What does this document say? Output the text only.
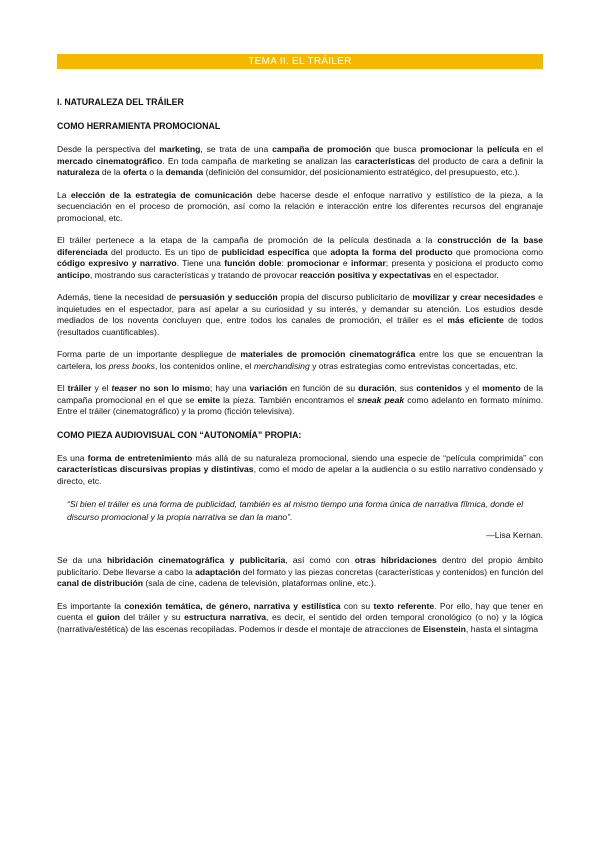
TEMA II. EL TRÁILER
I. NATURALEZA DEL TRÁILER
COMO HERRAMIENTA PROMOCIONAL
Desde la perspectiva del marketing, se trata de una campaña de promoción que busca promocionar la película en el mercado cinematográfico. En toda campaña de marketing se analizan las características del producto de cara a definir la naturaleza de la oferta o la demanda (definición del consumidor, del posicionamiento estratégico, del presupuesto, etc.).
La elección de la estrategia de comunicación debe hacerse desde el enfoque narrativo y estilístico de la pieza, a la secuenciación en el proceso de promoción, así como la relación e interacción entre los diferentes recursos del engranaje promocional, etc.
El tráiler pertenece a la etapa de la campaña de promoción de la película destinada a la construcción de la base diferenciada del producto. Es un tipo de publicidad específica que adopta la forma del producto que promociona como código expresivo y narrativo. Tiene una función doble: promocionar e informar; presenta y posiciona el producto como anticipo, mostrando sus características y tratando de provocar reacción positiva y expectativas en el espectador.
Además, tiene la necesidad de persuasión y seducción propia del discurso publicitario de movilizar y crear necesidades e inquietudes en el espectador, para así apelar a su curiosidad y su interés, y demandar su atención. Los estudios desde mediados de los noventa concluyen que, entre todos los canales de promoción, el tráiler es el más eficiente de todos (resultados cuantificables).
Forma parte de un importante despliegue de materiales de promoción cinematográfica entre los que se encuentran la cartelera, los press books, los contenidos online, el merchandising y otras estrategias como entrevistas concertadas, etc.
El tráiler y el teaser no son lo mismo; hay una variación en función de su duración, sus contenidos y el momento de la campaña promocional en el que se emite la pieza. También encontramos el sneak peak como adelanto en formato mínimo. Entre el tráiler (cinematográfico) y la promo (ficción televisiva).
COMO PIEZA AUDIOVISUAL CON “AUTONOMÍA” PROPIA:
Es una forma de entretenimiento más allá de su naturaleza promocional, siendo una especie de “película comprimida” con características discursivas propias y distintivas, como el modo de apelar a la audiencia o su estilo narrativo condensado y directo, etc.
“Si bien el tráiler es una forma de publicidad, también es al mismo tiempo una forma única de narrativa fílmica, donde el discurso promocional y la propia narrativa se dan la mano”.
—Lisa Kernan.
Se da una hibridación cinematográfica y publicitaria, así como con otras hibridaciones dentro del propio ámbito publicitario. Debe llevarse a cabo la adaptación del formato y las piezas concretas (características y contenidos) en función del canal de distribución (sala de cine, cadena de televisión, plataformas online, etc.).
Es importante la conexión temática, de género, narrativa y estilística con su texto referente. Por ello, hay que tener en cuenta el guion del tráiler y su estructura narrativa, es decir, el sentido del orden temporal cronológico (o no) y la lógica (narrativa/estética) de las escenas recopiladas. Podemos ir desde el montaje de atracciones de Eisenstein, hasta el sintagma
